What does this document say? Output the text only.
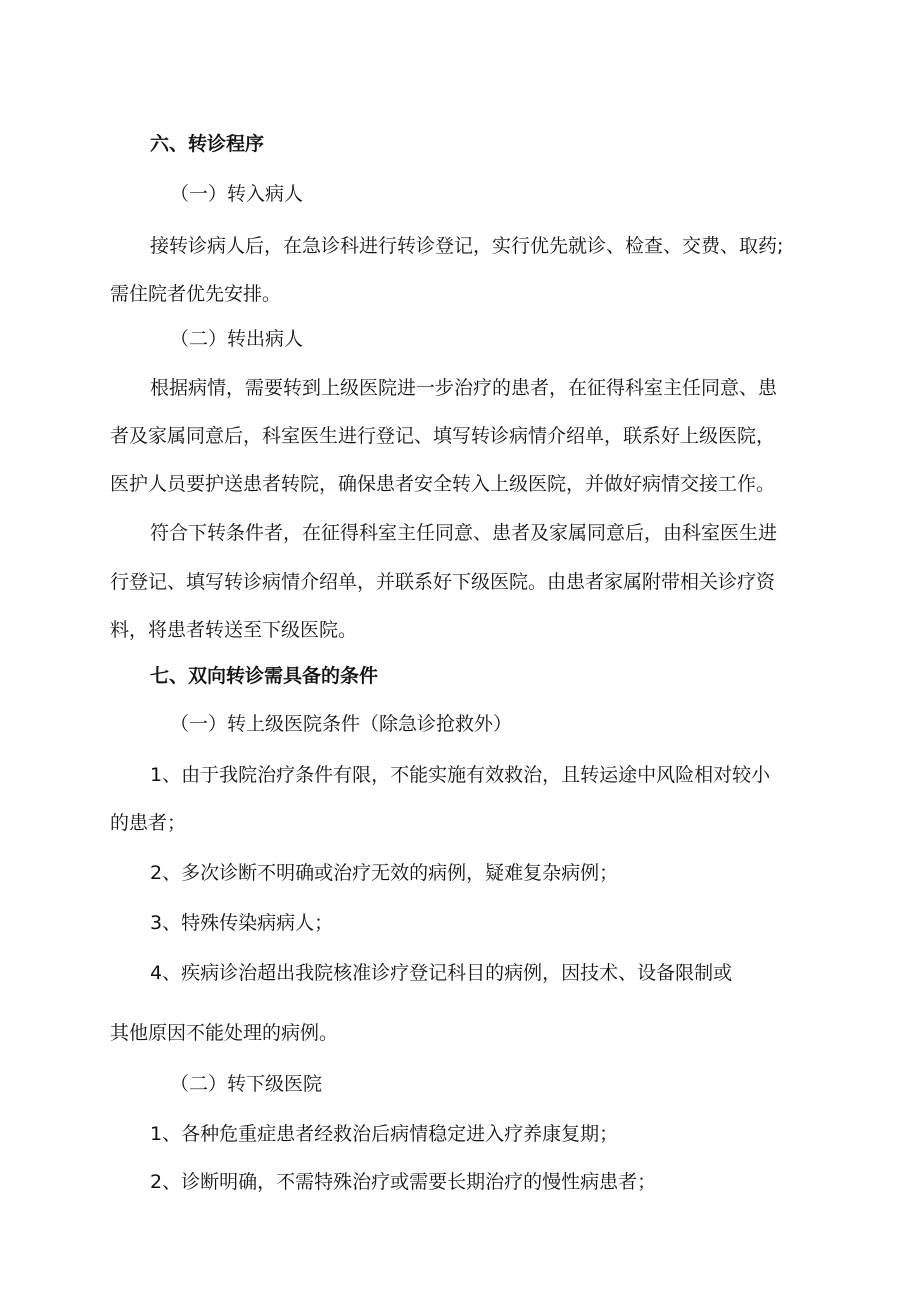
六、转诊程序
（一）转入病人
接转诊病人后，在急诊科进行转诊登记，实行优先就诊、检查、交费、取药;
需住院者优先安排。
（二）转出病人
根据病情，需要转到上级医院进一步治疗的患者，在征得科室主任同意、患
者及家属同意后，科室医生进行登记、填写转诊病情介绍单，联系好上级医院，
医护人员要护送患者转院，确保患者安全转入上级医院，并做好病情交接工作。
符合下转条件者，在征得科室主任同意、患者及家属同意后，由科室医生进
行登记、填写转诊病情介绍单，并联系好下级医院。由患者家属附带相关诊疗资
料，将患者转送至下级医院。
七、双向转诊需具备的条件
（一）转上级医院条件（除急诊抢救外）
1、由于我院治疗条件有限，不能实施有效救治，且转运途中风险相对较小
的患者；
2、多次诊断不明确或治疗无效的病例，疑难复杂病例；
3、特殊传染病病人；
4、疾病诊治超出我院核准诊疗登记科目的病例，因技术、设备限制或
其他原因不能处理的病例。
（二）转下级医院
1、各种危重症患者经救治后病情稳定进入疗养康复期；
2、诊断明确，不需特殊治疗或需要长期治疗的慢性病患者；
